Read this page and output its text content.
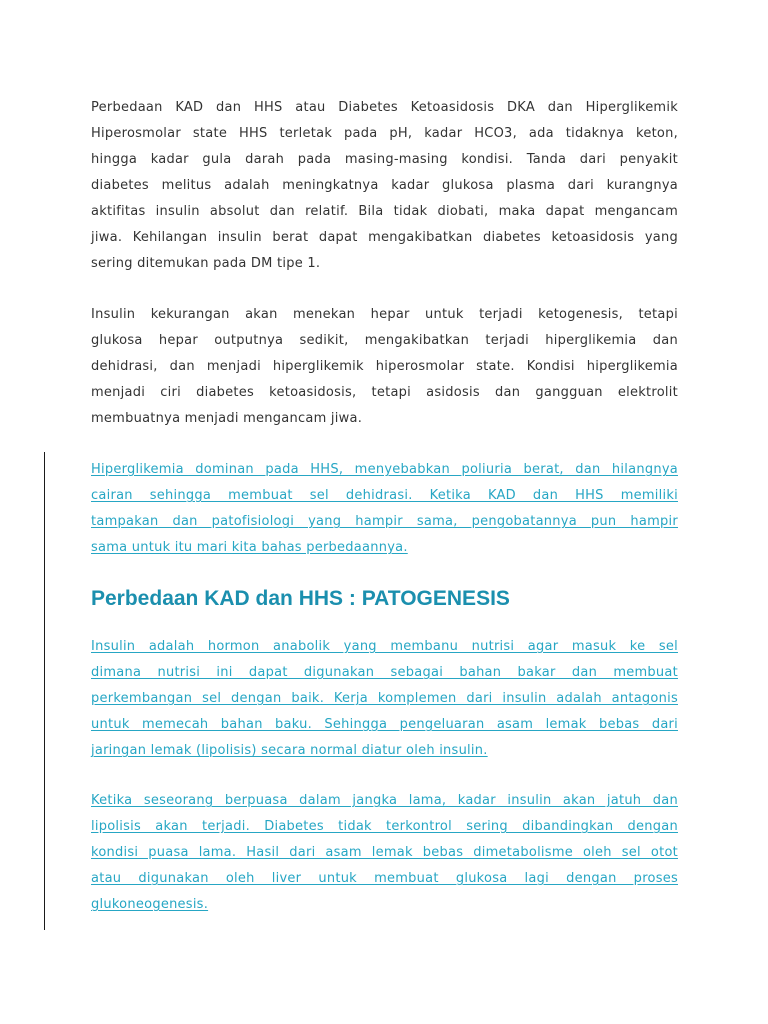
Perbedaan KAD dan HHS atau Diabetes Ketoasidosis DKA dan Hiperglikemik
Hiperosmolar state HHS terletak pada pH, kadar HCO3, ada tidaknya keton,
hingga kadar gula darah pada masing-masing kondisi. Tanda dari penyakit
diabetes melitus adalah meningkatnya kadar glukosa plasma dari kurangnya
aktifitas insulin absolut dan relatif. Bila tidak diobati, maka dapat mengancam
jiwa. Kehilangan insulin berat dapat mengakibatkan diabetes ketoasidosis yang
sering ditemukan pada DM tipe 1.

Insulin kekurangan akan menekan hepar untuk terjadi ketogenesis, tetapi
glukosa hepar outputnya sedikit, mengakibatkan terjadi hiperglikemia dan
dehidrasi, dan menjadi hiperglikemik hiperosmolar state. Kondisi hiperglikemia
menjadi ciri diabetes ketoasidosis, tetapi asidosis dan gangguan elektrolit
membuatnya menjadi mengancam jiwa.

Hiperglikemia dominan pada HHS, menyebabkan poliuria berat, dan hilangnya
cairan sehingga membuat sel dehidrasi. Ketika KAD dan HHS memiliki
tampakan dan patofisiologi yang hampir sama, pengobatannya pun hampir
sama untuk itu mari kita bahas perbedaannya.

Perbedaan KAD dan HHS : PATOGENESIS

Insulin adalah hormon anabolik yang membanu nutrisi agar masuk ke sel
dimana nutrisi ini dapat digunakan sebagai bahan bakar dan membuat
perkembangan sel dengan baik. Kerja komplemen dari insulin adalah antagonis
untuk memecah bahan baku. Sehingga pengeluaran asam lemak bebas dari
jaringan lemak (lipolisis) secara normal diatur oleh insulin.

Ketika seseorang berpuasa dalam jangka lama, kadar insulin akan jatuh dan
lipolisis akan terjadi. Diabetes tidak terkontrol sering dibandingkan dengan
kondisi puasa lama. Hasil dari asam lemak bebas dimetabolisme oleh sel otot
atau digunakan oleh liver untuk membuat glukosa lagi dengan proses
glukoneogenesis.
